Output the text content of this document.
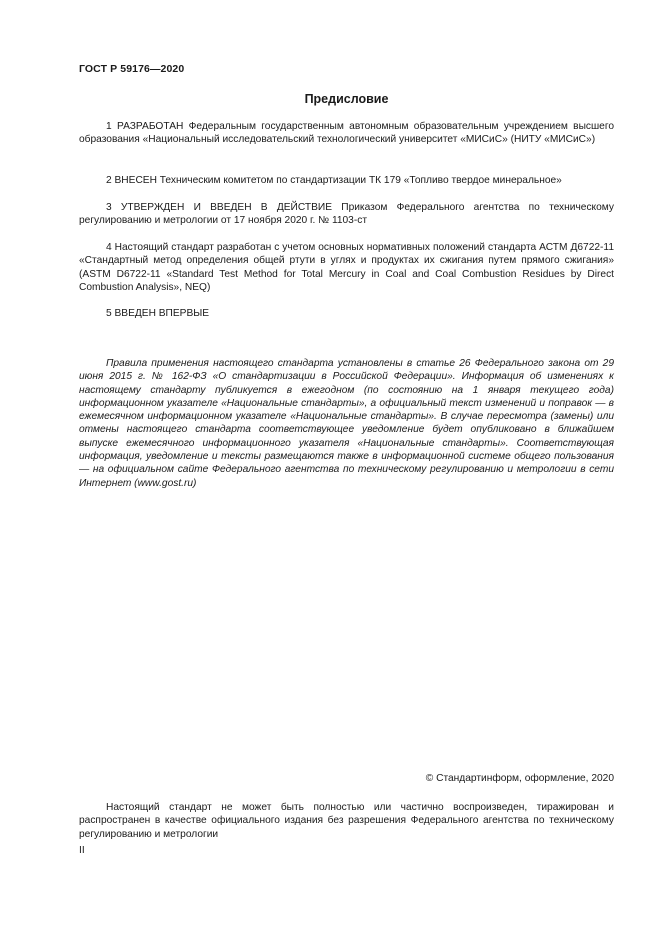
ГОСТ Р 59176—2020
Предисловие

1 РАЗРАБОТАН Федеральным государственным автономным образовательным учреждением высшего образования «Национальный исследовательский технологический университет «МИСиС» (НИТУ «МИСиС»)

2 ВНЕСЕН Техническим комитетом по стандартизации ТК 179 «Топливо твердое минеральное»

3 УТВЕРЖДЕН И ВВЕДЕН В ДЕЙСТВИЕ Приказом Федерального агентства по техническому регулированию и метрологии от 17 ноября 2020 г. № 1103-ст

4 Настоящий стандарт разработан с учетом основных нормативных положений стандарта АСТМ Д6722-11 «Стандартный метод определения общей ртути в углях и продуктах их сжигания путем прямого сжигания» (ASTM D6722-11 «Standard Test Method for Total Mercury in Coal and Coal Combustion Residues by Direct Combustion Analysis», NEQ)

5 ВВЕДЕН ВПЕРВЫЕ

Правила применения настоящего стандарта установлены в статье 26 Федерального закона от 29 июня 2015 г. № 162-ФЗ «О стандартизации в Российской Федерации». Информация об изменениях к настоящему стандарту публикуется в ежегодном (по состоянию на 1 января текущего года) информационном указателе «Национальные стандарты», а официальный текст изменений и поправок — в ежемесячном информационном указателе «Национальные стандарты». В случае пересмотра (замены) или отмены настоящего стандарта соответствующее уведомление будет опубликовано в ближайшем выпуске ежемесячного информационного указателя «Национальные стандарты». Соответствующая информация, уведомление и тексты размещаются также в информационной системе общего пользования — на официальном сайте Федерального агентства по техническому регулированию и метрологии в сети Интернет (www.gost.ru)

© Стандартинформ, оформление, 2020

Настоящий стандарт не может быть полностью или частично воспроизведен, тиражирован и распространен в качестве официального издания без разрешения Федерального агентства по техническому регулированию и метрологии

II
